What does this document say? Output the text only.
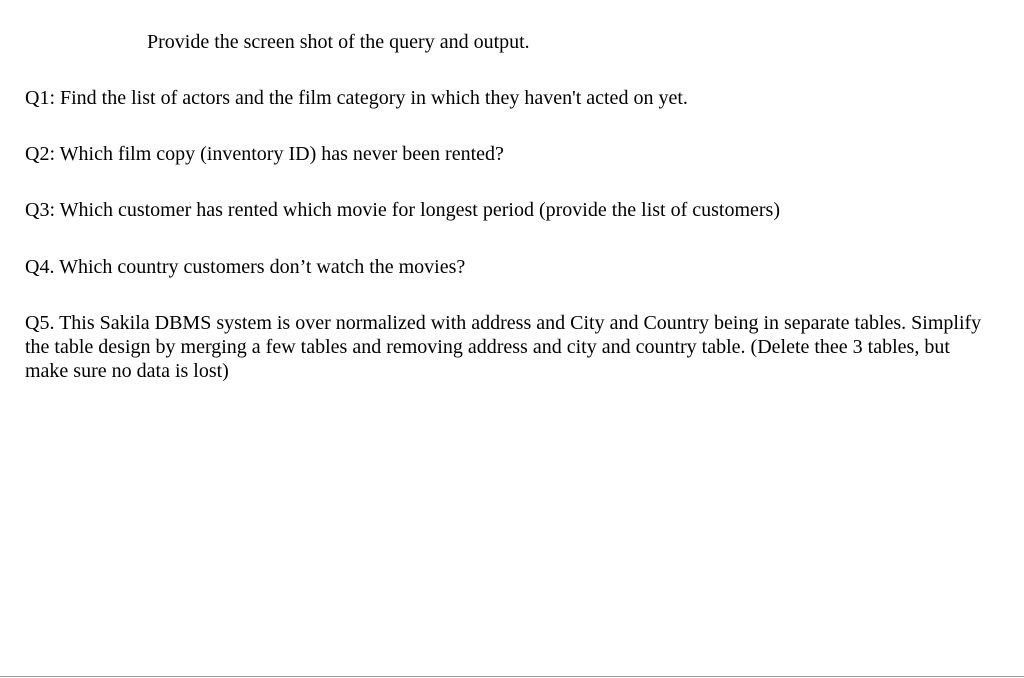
Provide the screen shot of the query and output.
Q1: Find the list of actors and the film category in which they haven't acted on yet.
Q2: Which film copy (inventory ID) has never been rented?
Q3: Which customer has rented which movie for longest period (provide the list of customers)
Q4. Which country customers don’t watch the movies?
Q5. This Sakila DBMS system is over normalized with address and City and Country being in separate tables. Simplify
the table design by merging a few tables and removing address and city and country table. (Delete thee 3 tables, but
make sure no data is lost)
